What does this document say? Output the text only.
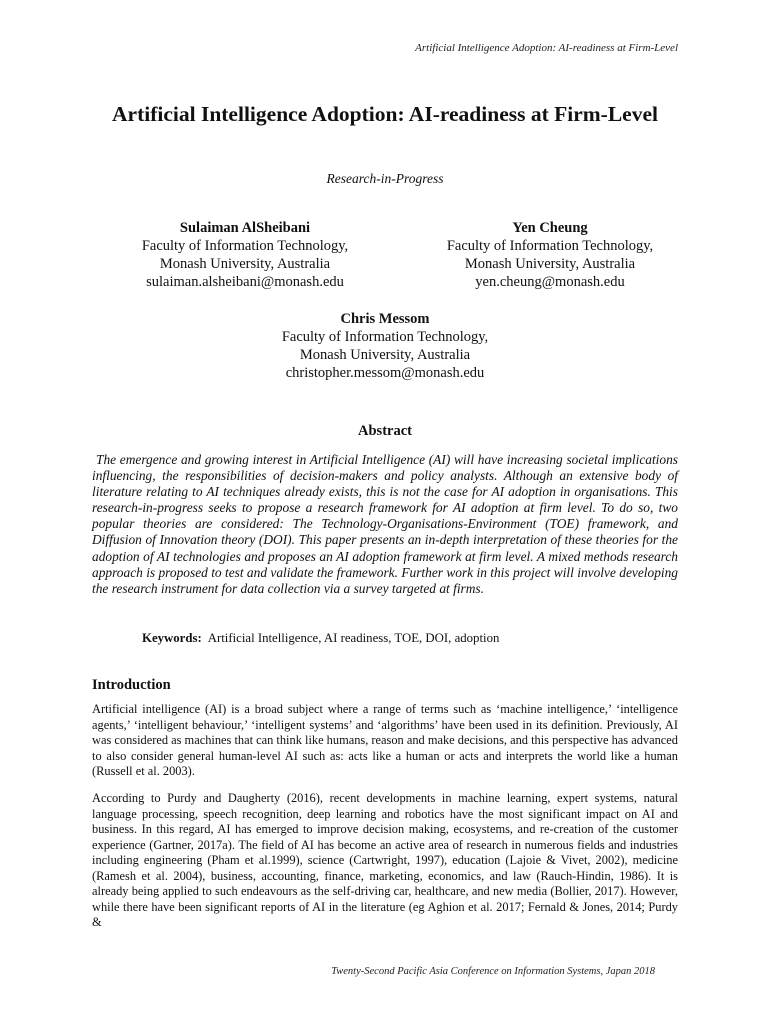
Artificial Intelligence Adoption: AI-readiness at Firm-Level
Artificial Intelligence Adoption: AI-readiness at Firm-Level
Research-in-Progress
Sulaiman AlSheibani
Faculty of Information Technology,
Monash University, Australia
sulaiman.alsheibani@monash.edu
Yen Cheung
Faculty of Information Technology,
Monash University, Australia
yen.cheung@monash.edu
Chris Messom
Faculty of Information Technology,
Monash University, Australia
christopher.messom@monash.edu
Abstract

The emergence and growing interest in Artificial Intelligence (AI) will have increasing societal implications influencing, the responsibilities of decision-makers and policy analysts. Although an extensive body of literature relating to AI techniques already exists, this is not the case for AI adoption in organisations. This research-in-progress seeks to propose a research framework for AI adoption at firm level. To do so, two popular theories are considered: The Technology-Organisations-Environment (TOE) framework, and Diffusion of Innovation theory (DOI). This paper presents an in-depth interpretation of these theories for the adoption of AI technologies and proposes an AI adoption framework at firm level. A mixed methods research approach is proposed to test and validate the framework. Further work in this project will involve developing the research instrument for data collection via a survey targeted at firms.

Keywords: Artificial Intelligence, AI readiness, TOE, DOI, adoption
Introduction

Artificial intelligence (AI) is a broad subject where a range of terms such as ‘machine intelligence,’ ‘intelligence agents,’ ‘intelligent behaviour,’ ‘intelligent systems’ and ‘algorithms’ have been used in its definition. Previously, AI was considered as machines that can think like humans, reason and make decisions, and this perspective has advanced to also consider general human-level AI such as: acts like a human or acts and interprets the world like a human (Russell et al. 2003).

According to Purdy and Daugherty (2016), recent developments in machine learning, expert systems, natural language processing, speech recognition, deep learning and robotics have the most significant impact on AI and business. In this regard, AI has emerged to improve decision making, ecosystems, and re-creation of the customer experience (Gartner, 2017a). The field of AI has become an active area of research in numerous fields and industries including engineering (Pham et al.1999), science (Cartwright, 1997), education (Lajoie & Vivet, 2002), medicine (Ramesh et al. 2004), business, accounting, finance, marketing, economics, and law (Rauch-Hindin, 1986). It is already being applied to such endeavours as the self-driving car, healthcare, and new media (Bollier, 2017). However, while there have been significant reports of AI in the literature (eg Aghion et al. 2017; Fernald & Jones, 2014; Purdy &

Twenty-Second Pacific Asia Conference on Information Systems, Japan 2018
